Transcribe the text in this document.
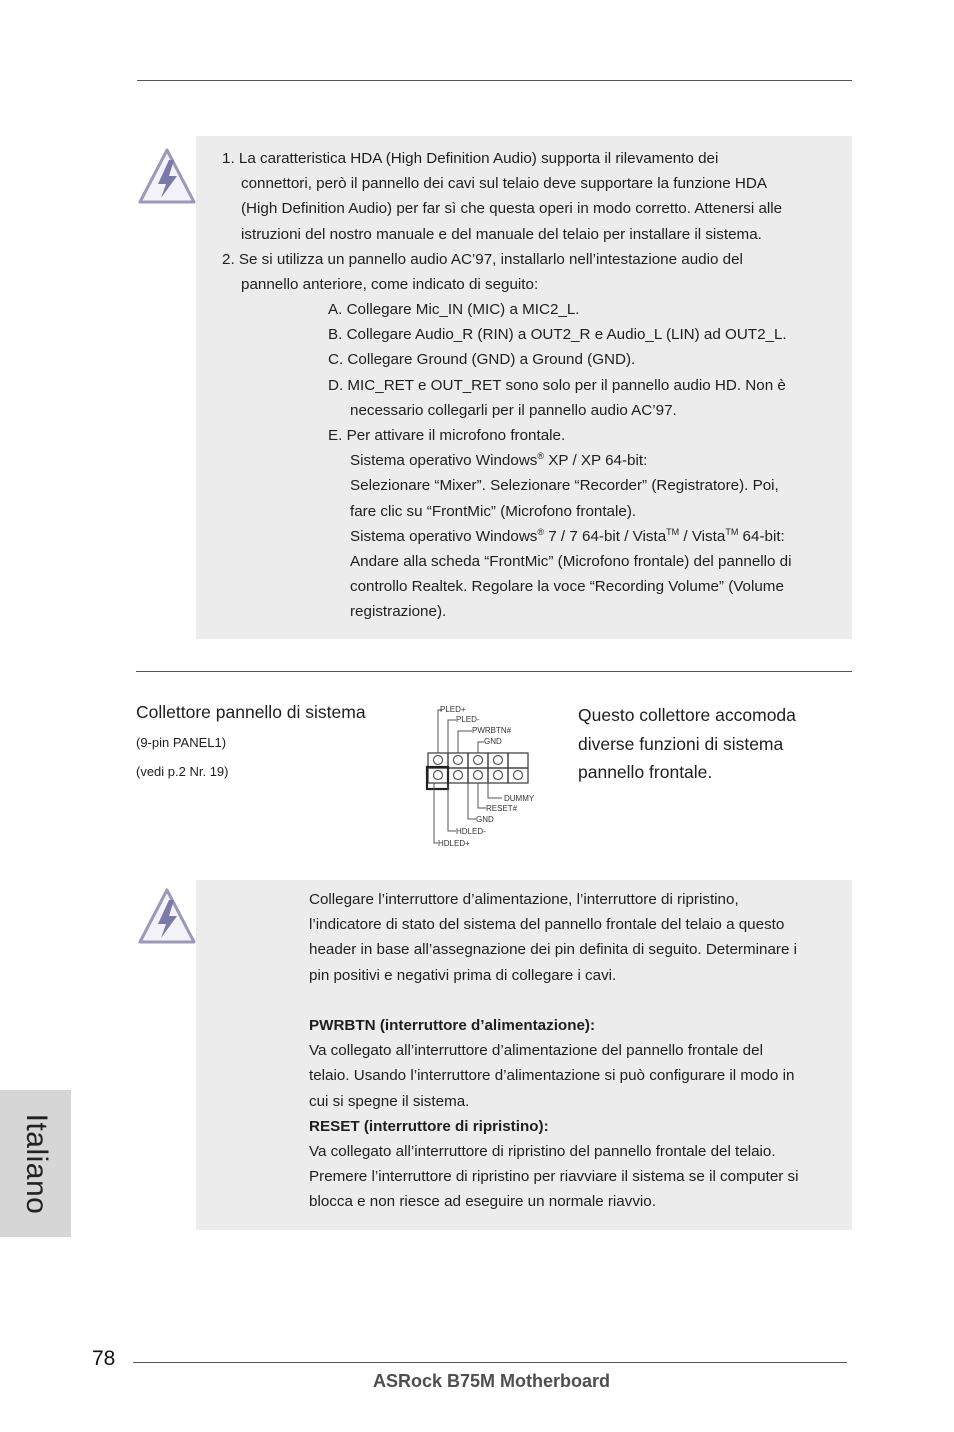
1. La caratteristica HDA (High Definition Audio) supporta il rilevamento dei
connettori, però il pannello dei cavi sul telaio deve supportare la funzione HDA
(High Definition Audio) per far sì che questa operi in modo corretto. Attenersi alle
istruzioni del nostro manuale e del manuale del telaio per installare il sistema.
2. Se si utilizza un pannello audio AC’97, installarlo nell’intestazione audio del
pannello anteriore, come indicato di seguito:
A. Collegare Mic_IN (MIC) a MIC2_L.
B. Collegare Audio_R (RIN) a OUT2_R e Audio_L (LIN) ad OUT2_L.
C. Collegare Ground (GND) a Ground (GND).
D. MIC_RET e OUT_RET sono solo per il pannello audio HD. Non è
necessario collegarli per il pannello audio AC’97.
E. Per attivare il microfono frontale.
Sistema operativo Windows® XP / XP 64-bit:
Selezionare “Mixer”. Selezionare “Recorder” (Registratore). Poi,
fare clic su “FrontMic” (Microfono frontale).
Sistema operativo Windows® 7 / 7 64-bit / Vista™ / Vista™ 64-bit:
Andare alla scheda “FrontMic” (Microfono frontale) del pannello di
controllo Realtek. Regolare la voce “Recording Volume” (Volume
registrazione).
Collettore pannello di sistema
(9-pin PANEL1)
(vedi p.2 Nr. 19)
PLED+
PLED-
PWRBTN#
GND
DUMMY
RESET#
GND
HDLED-
HDLED+
Questo collettore accomoda
diverse funzioni di sistema
pannello frontale.
Collegare l’interruttore d’alimentazione, l’interruttore di ripristino,
l’indicatore di stato del sistema del pannello frontale del telaio a questo
header in base all’assegnazione dei pin definita di seguito. Determinare i
pin positivi e negativi prima di collegare i cavi.
PWRBTN (interruttore d’alimentazione):
Va collegato all’interruttore d’alimentazione del pannello frontale del
telaio. Usando l’interruttore d’alimentazione si può configurare il modo in
cui si spegne il sistema.
RESET (interruttore di ripristino):
Va collegato all’interruttore di ripristino del pannello frontale del telaio.
Premere l’interruttore di ripristino per riavviare il sistema se il computer si
blocca e non riesce ad eseguire un normale riavvio.
Italiano
78
ASRock B75M Motherboard
